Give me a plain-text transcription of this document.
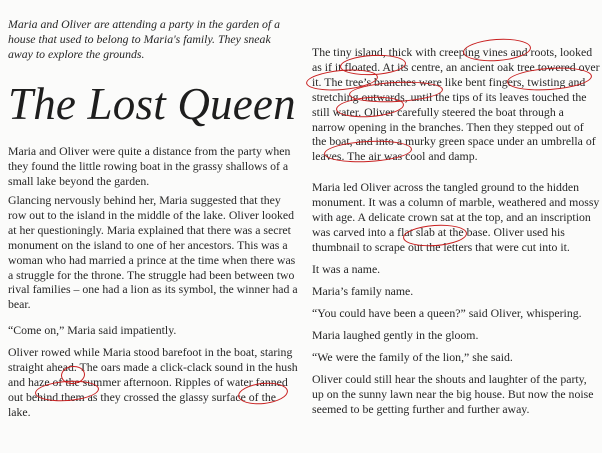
Maria and Oliver are attending a party in the garden of a house that used to belong to Maria's family. They sneak away to explore the grounds.

The Lost Queen

Maria and Oliver were quite a distance from the party when they found the little rowing boat in the grassy shallows of a small lake beyond the garden.

Glancing nervously behind her, Maria suggested that they row out to the island in the middle of the lake. Oliver looked at her questioningly. Maria explained that there was a secret monument on the island to one of her ancestors. This was a woman who had married a prince at the time when there was a struggle for the throne. The struggle had been between two rival families – one had a lion as its symbol, the winner had a bear.

“Come on,” Maria said impatiently.

Oliver rowed while Maria stood barefoot in the boat, staring straight ahead. The oars made a click-clack sound in the hush and haze of the summer afternoon. Ripples of water fanned out behind them as they crossed the glassy surface of the lake.

The tiny island, thick with creeping vines and roots, looked as if it floated. At its centre, an ancient oak tree towered over it. The tree’s branches were like bent fingers, twisting and stretching outwards, until the tips of its leaves touched the still water. Oliver carefully steered the boat through a narrow opening in the branches. Then they stepped out of the boat, and into a murky green space under an umbrella of leaves. The air was cool and damp.

Maria led Oliver across the tangled ground to the hidden monument. It was a column of marble, weathered and mossy with age. A delicate crown sat at the top, and an inscription was carved into a flat slab at the base. Oliver used his thumbnail to scrape out the letters that were cut into it.

It was a name.

Maria’s family name.

“You could have been a queen?” said Oliver, whispering.

Maria laughed gently in the gloom.

“We were the family of the lion,” she said.

Oliver could still hear the shouts and laughter of the party, up on the sunny lawn near the big house. But now the noise seemed to be getting further and further away.
